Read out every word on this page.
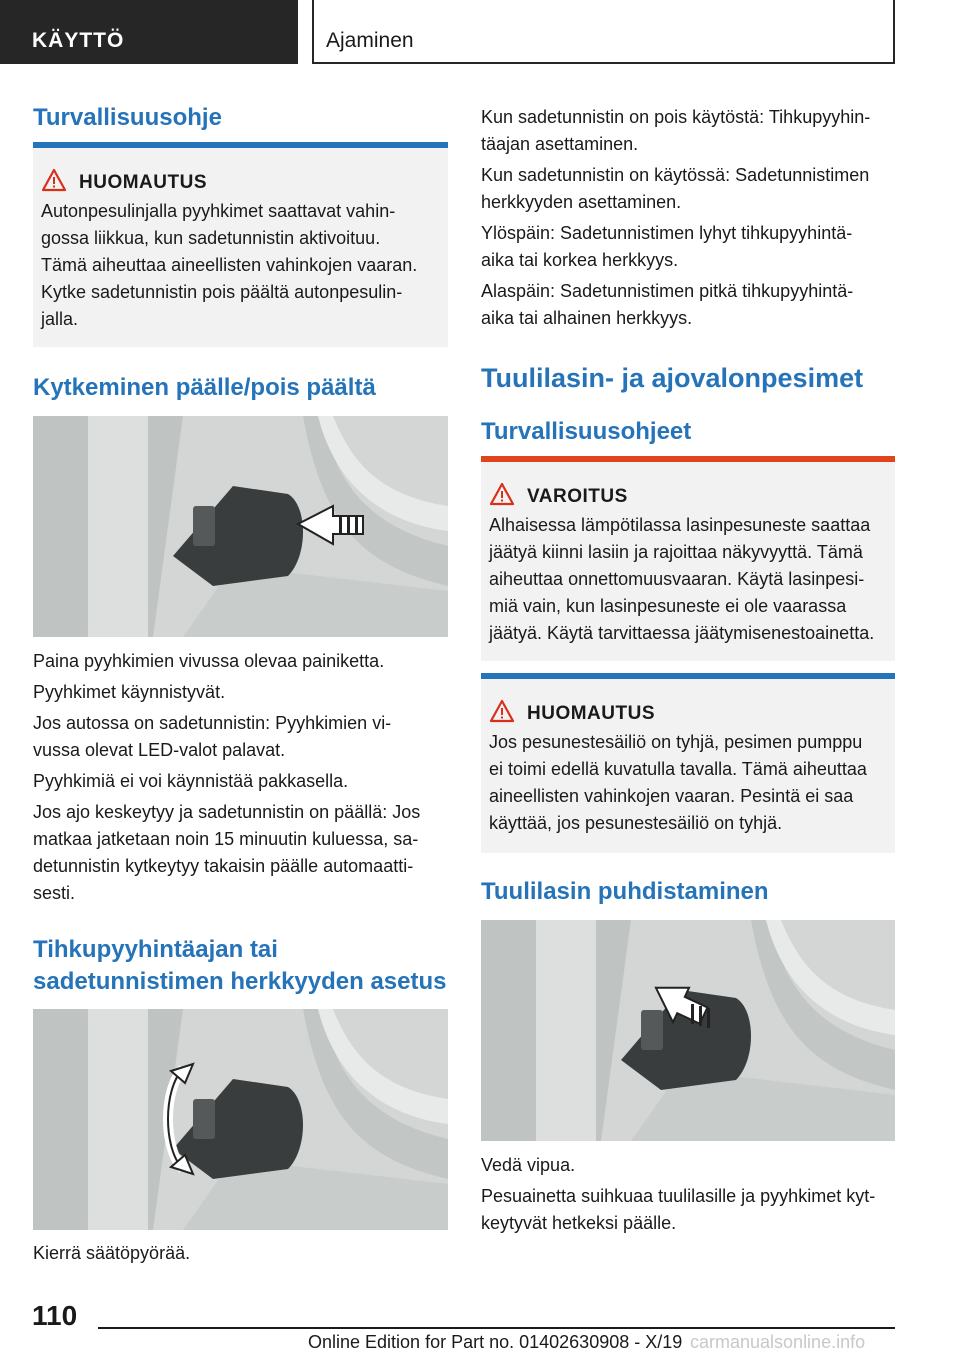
KÄYTTÖ	Ajaminen
Turvallisuusohje
HUOMAUTUS
Autonpesulinjalla pyyhkimet saattavat vahin-
gossa liikkua, kun sadetunnistin aktivoituu.
Tämä aiheuttaa aineellisten vahinkojen vaaran.
Kytke sadetunnistin pois päältä autonpesulin-
jalla.
Kytkeminen päälle/pois päältä
Paina pyyhkimien vivussa olevaa painiketta.
Pyyhkimet käynnistyvät.
Jos autossa on sadetunnistin: Pyyhkimien vi-
vussa olevat LED-valot palavat.
Pyyhkimiä ei voi käynnistää pakkasella.
Jos ajo keskeytyy ja sadetunnistin on päällä: Jos
matkaa jatketaan noin 15 minuutin kuluessa, sa-
detunnistin kytkeytyy takaisin päälle automaatti-
sesti.
Tihkupyyhintäajan tai
sadetunnistimen herkkyyden asetus
Kierrä säätöpyörää.
Kun sadetunnistin on pois käytöstä: Tihkupyyhin-
täajan asettaminen.
Kun sadetunnistin on käytössä: Sadetunnistimen
herkkyyden asettaminen.
Ylöspäin: Sadetunnistimen lyhyt tihkupyyhintä-
aika tai korkea herkkyys.
Alaspäin: Sadetunnistimen pitkä tihkupyyhintä-
aika tai alhainen herkkyys.
Tuulilasin- ja ajovalonpesimet
Turvallisuusohjeet
VAROITUS
Alhaisessa lämpötilassa lasinpesuneste saattaa
jäätyä kiinni lasiin ja rajoittaa näkyvyyttä. Tämä
aiheuttaa onnettomuusvaaran. Käytä lasinpesi-
miä vain, kun lasinpesuneste ei ole vaarassa
jäätyä. Käytä tarvittaessa jäätymisenestoainetta.
HUOMAUTUS
Jos pesunestesäiliö on tyhjä, pesimen pumppu
ei toimi edellä kuvatulla tavalla. Tämä aiheuttaa
aineellisten vahinkojen vaaran. Pesintä ei saa
käyttää, jos pesunestesäiliö on tyhjä.
Tuulilasin puhdistaminen
Vedä vipua.
Pesuainetta suihkuaa tuulilasille ja pyyhkimet kyt-
keytyvät hetkeksi päälle.
110
Online Edition for Part no. 01402630908 - X/19 carmanualsonline.info
